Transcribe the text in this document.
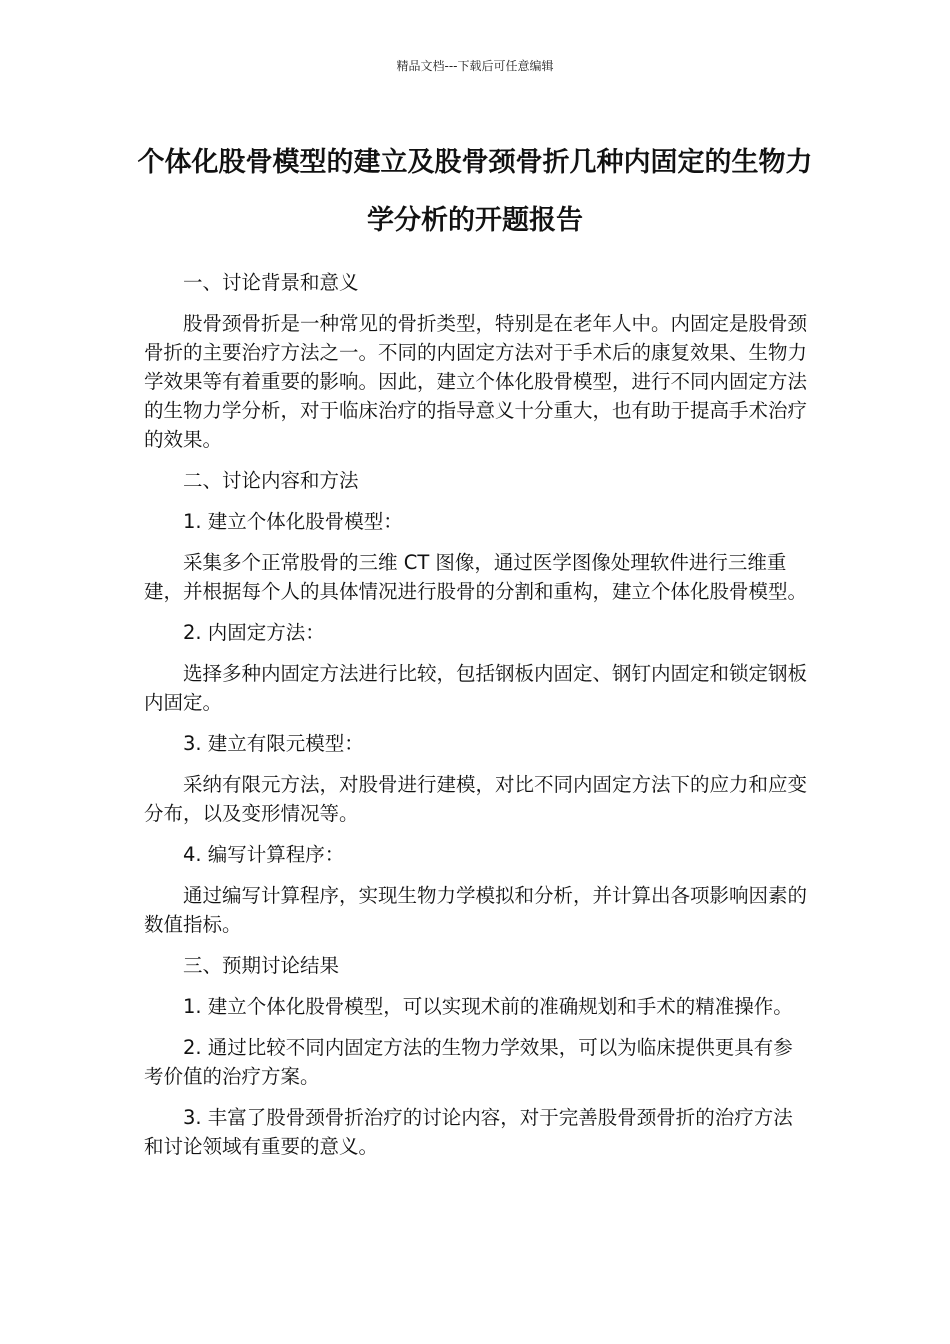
精品文档---下载后可任意编辑
个体化股骨模型的建立及股骨颈骨折几种内固定的生物力学分析的开题报告

一、讨论背景和意义

股骨颈骨折是一种常见的骨折类型，特别是在老年人中。内固定是股骨颈骨折的主要治疗方法之一。不同的内固定方法对于手术后的康复效果、生物力学效果等有着重要的影响。因此，建立个体化股骨模型，进行不同内固定方法的生物力学分析，对于临床治疗的指导意义十分重大，也有助于提高手术治疗的效果。

二、讨论内容和方法

1. 建立个体化股骨模型：

采集多个正常股骨的三维 CT 图像，通过医学图像处理软件进行三维重建，并根据每个人的具体情况进行股骨的分割和重构，建立个体化股骨模型。

2. 内固定方法：

选择多种内固定方法进行比较，包括钢板内固定、钢钉内固定和锁定钢板内固定。

3. 建立有限元模型：

采纳有限元方法，对股骨进行建模，对比不同内固定方法下的应力和应变分布，以及变形情况等。

4. 编写计算程序：

通过编写计算程序，实现生物力学模拟和分析，并计算出各项影响因素的数值指标。

三、预期讨论结果

1. 建立个体化股骨模型，可以实现术前的准确规划和手术的精准操作。

2. 通过比较不同内固定方法的生物力学效果，可以为临床提供更具有参考价值的治疗方案。

3. 丰富了股骨颈骨折治疗的讨论内容，对于完善股骨颈骨折的治疗方法和讨论领域有重要的意义。
